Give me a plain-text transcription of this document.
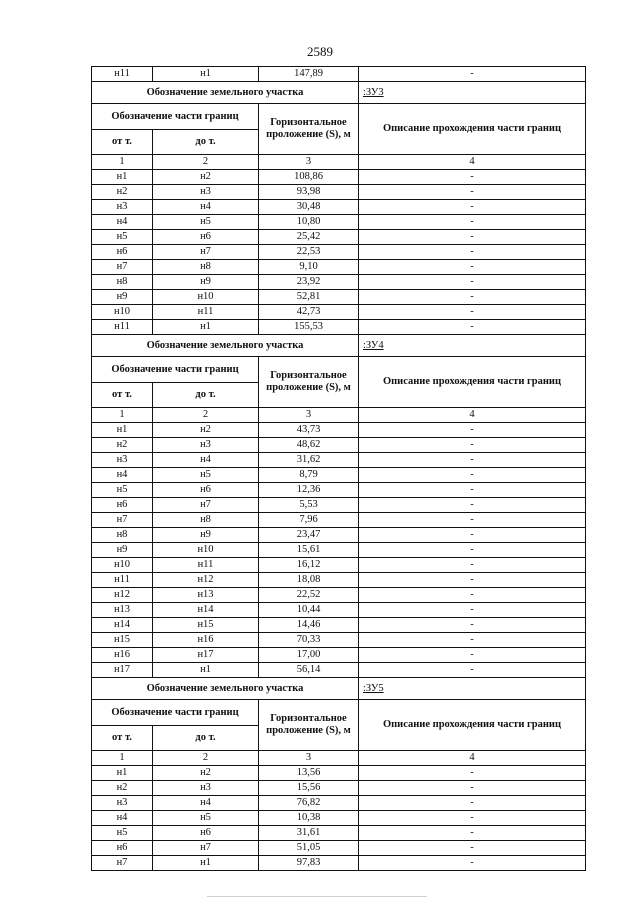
2589
н11	н1	147,89	-
Обозначение земельного участка			:ЗУ3
Обозначение части границ		Горизонтальное проложение (S), м	Описание прохождения части границ
от т.	до т.		
1	2	3	4
н1	н2	108,86	-
н2	н3	93,98	-
н3	н4	30,48	-
н4	н5	10,80	-
н5	н6	25,42	-
н6	н7	22,53	-
н7	н8	9,10	-
н8	н9	23,92	-
н9	н10	52,81	-
н10	н11	42,73	-
н11	н1	155,53	-
Обозначение земельного участка			:ЗУ4
Обозначение части границ		Горизонтальное проложение (S), м	Описание прохождения части границ
от т.	до т.		
1	2	3	4
н1	н2	43,73	-
н2	н3	48,62	-
н3	н4	31,62	-
н4	н5	8,79	-
н5	н6	12,36	-
н6	н7	5,53	-
н7	н8	7,96	-
н8	н9	23,47	-
н9	н10	15,61	-
н10	н11	16,12	-
н11	н12	18,08	-
н12	н13	22,52	-
н13	н14	10,44	-
н14	н15	14,46	-
н15	н16	70,33	-
н16	н17	17,00	-
н17	н1	56,14	-
Обозначение земельного участка			:ЗУ5
Обозначение части границ		Горизонтальное проложение (S), м	Описание прохождения части границ
от т.	до т.		
1	2	3	4
н1	н2	13,56	-
н2	н3	15,56	-
н3	н4	76,82	-
н4	н5	10,38	-
н5	н6	31,61	-
н6	н7	51,05	-
н7	н1	97,83	-
